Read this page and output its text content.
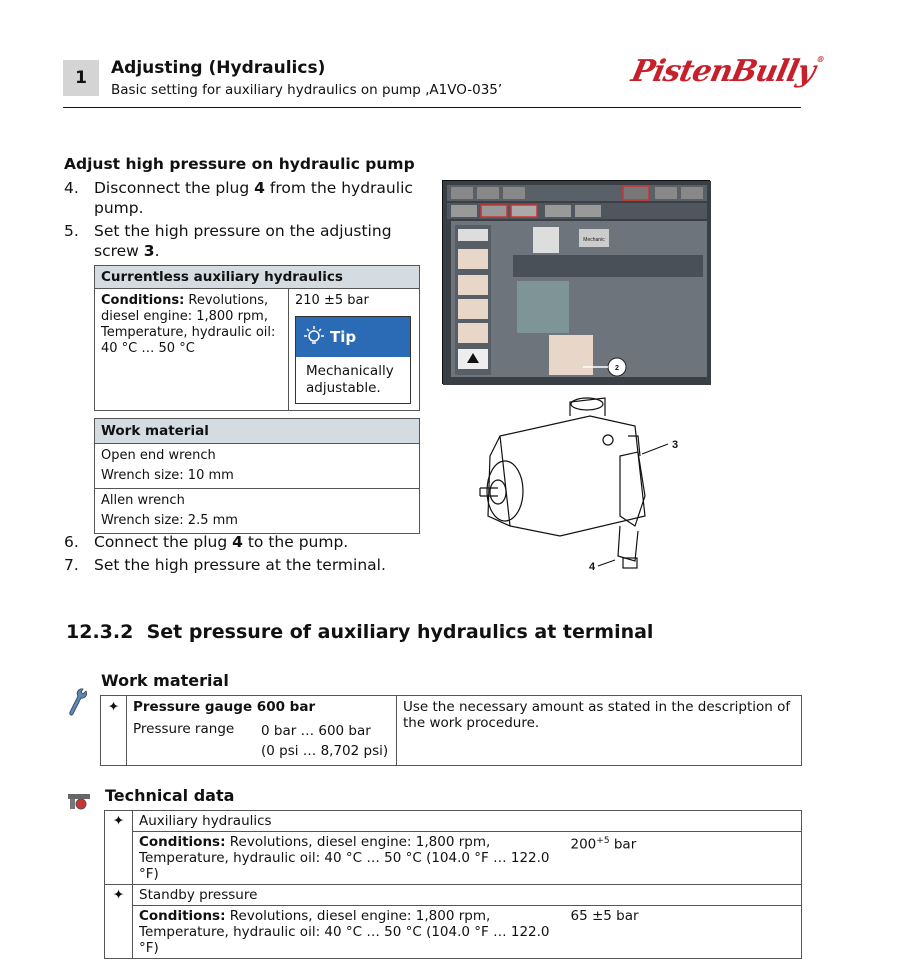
1	Adjusting (Hydraulics)
Basic setting for auxiliary hydraulics on pump ‚A1VO-035’
PistenBully®
Adjust high pressure on hydraulic pump
4. Disconnect the plug 4 from the hydraulic pump.
5. Set the high pressure on the adjusting screw 3.
Currentless auxiliary hydraulics
Conditions: Revolutions, diesel engine: 1,800 rpm, Temperature, hydraulic oil: 40 °C … 50 °C	
210 ±5 bar
Tip
Mechanically adjustable.
Work material

Open end wrench
Wrench size: 10 mm

Allen wrench
Wrench size: 2.5 mm
6. Connect the plug 4 to the pump.
7. Set the high pressure at the terminal.
Mechanic
2
3
4
12.3.2 Set pressure of auxiliary hydraulics at terminal
Work material
✦	Pressure gauge 600 bar
Pressure range	0 bar … 600 bar
(0 psi … 8,702 psi)
	Use the necessary amount as stated in the description of the work procedure.
Technical data
✦	Auxiliary hydraulics	
	Conditions: Revolutions, diesel engine: 1,800 rpm, Temperature, hydraulic oil: 40 °C … 50 °C (104.0 °F … 122.0 °F)	$200^{+5}$ bar
✦	Standby pressure	
	Conditions: Revolutions, diesel engine: 1,800 rpm, Temperature, hydraulic oil: 40 °C … 50 °C (104.0 °F … 122.0 °F)	65 ±5 bar
